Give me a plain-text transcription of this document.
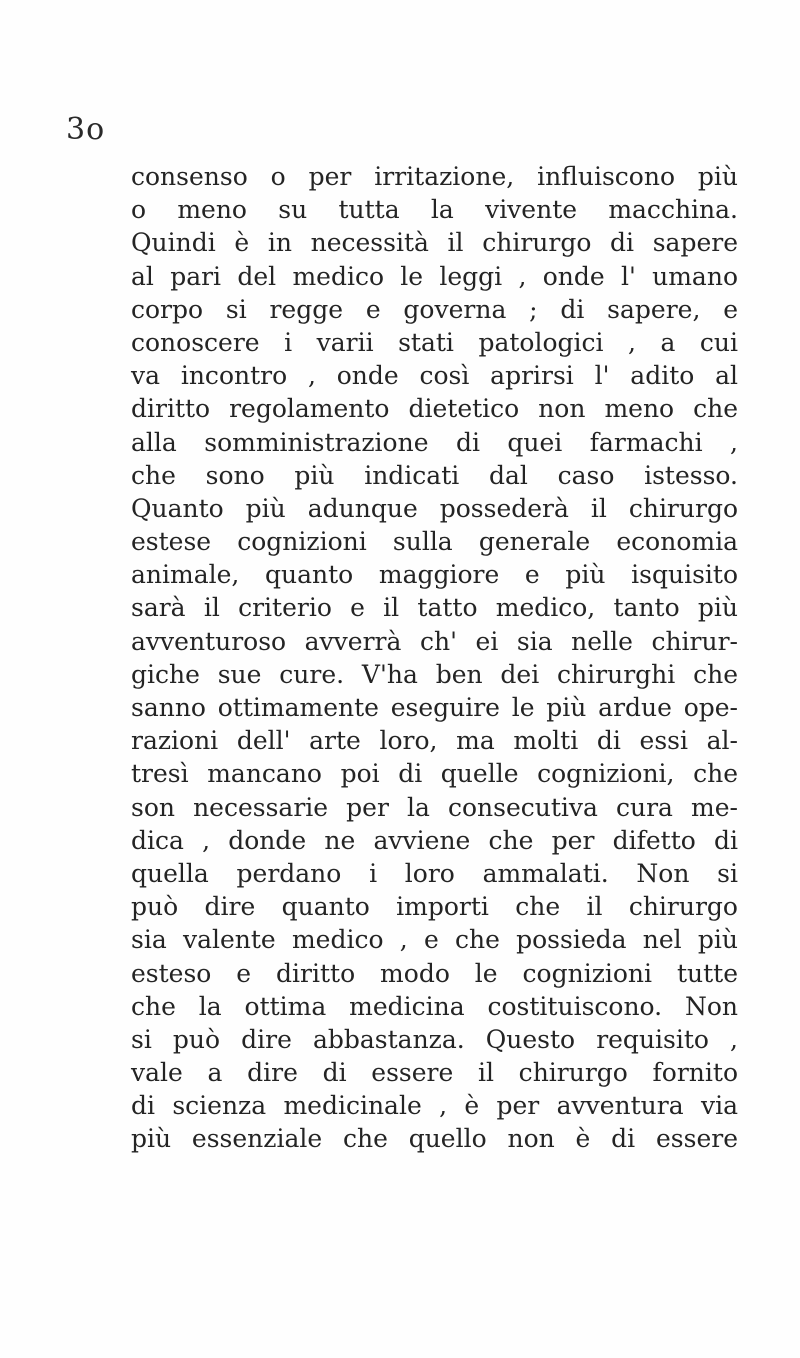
3o
consenso o per irritazione, influiscono più
o meno su tutta la vivente macchina.
Quindi è in necessità il chirurgo di sapere
al pari del medico le leggi , onde l' umano
corpo si regge e governa ; di sapere, e
conoscere i varii stati patologici , a cui
va incontro , onde così aprirsi l' adito al
diritto regolamento dietetico non meno che
alla somministrazione di quei farmachi ,
che sono più indicati dal caso istesso.
Quanto più adunque possederà il chirurgo
estese cognizioni sulla generale economia
animale, quanto maggiore e più isquisito
sarà il criterio e il tatto medico, tanto più
avventuroso avverrà ch' ei sia nelle chirur-
giche sue cure. V'ha ben dei chirurghi che
sanno ottimamente eseguire le più ardue ope-
razioni dell' arte loro, ma molti di essi al-
tresì mancano poi di quelle cognizioni, che
son necessarie per la consecutiva cura me-
dica , donde ne avviene che per difetto di
quella perdano i loro ammalati. Non si
può dire quanto importi che il chirurgo
sia valente medico , e che possieda nel più
esteso e diritto modo le cognizioni tutte
che la ottima medicina costituiscono. Non
si può dire abbastanza. Questo requisito ,
vale a dire di essere il chirurgo fornito
di scienza medicinale , è per avventura via
più essenziale che quello non è di essere
